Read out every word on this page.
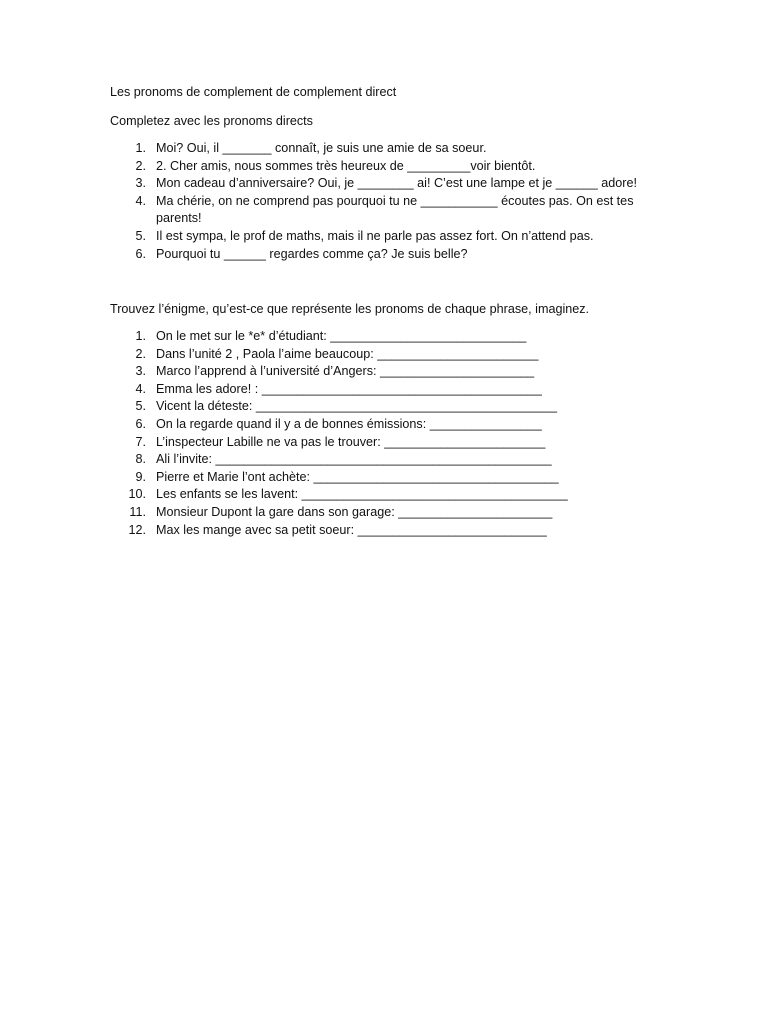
Les pronoms de complement de complement direct
Completez avec les pronoms directs
1. Moi? Oui, il _______ connaît, je suis une amie de sa soeur.
2. 2. Cher amis, nous sommes très heureux de _________voir bientôt.
3. Mon cadeau d’anniversaire? Oui, je ________ ai! C’est une lampe et je ______ adore!
4. Ma chérie, on ne comprend pas pourquoi tu ne ___________ écoutes pas. On est tes parents!
5. Il est sympa, le prof de maths, mais il ne parle pas assez fort. On n’attend pas.
6. Pourquoi tu ______ regardes comme ça? Je suis belle?
Trouvez l’énigme, qu’est-ce que représente les pronoms de chaque phrase, imaginez.
1. On le met sur le *e* d’étudiant: ____________________________
2. Dans l’unité 2 , Paola l’aime beaucoup: _______________________
3. Marco l’apprend à l’université d’Angers: ______________________
4. Emma les adore! : ________________________________________
5. Vicent la déteste: ___________________________________________
6. On la regarde quand il y a de bonnes émissions: ________________
7. L’inspecteur Labille ne va pas le trouver: _______________________
8. Ali l’invite: ________________________________________________
9. Pierre et Marie l’ont achète: ___________________________________
10. Les enfants se les lavent: ______________________________________
11. Monsieur Dupont la gare dans son garage: ______________________
12. Max les mange avec sa petit soeur: ___________________________
